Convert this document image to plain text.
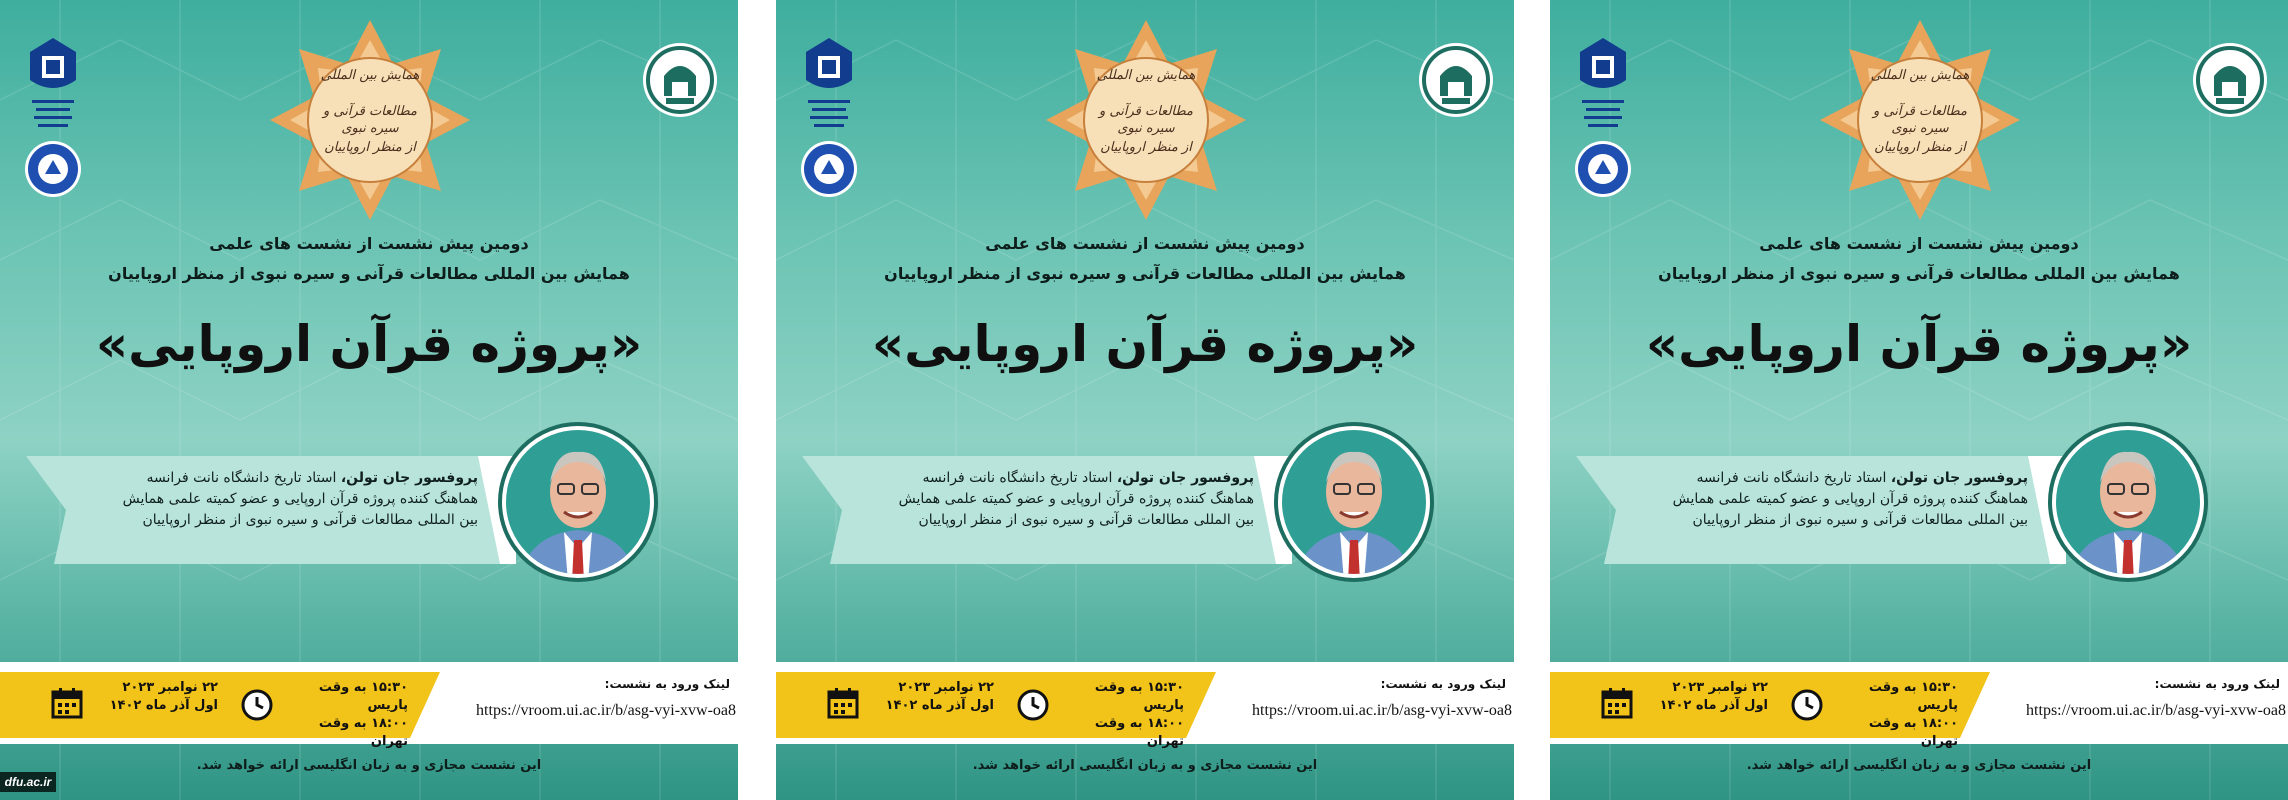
همایش بین المللی
مطالعات قرآنی و سیره نبوی
از منظر اروپاییان
دومین پیش نشست از نشست های علمی
همایش بین المللی مطالعات قرآنی و سیره نبوی از منظر اروپاییان
«پروژه قرآن اروپایی»
پروفسور جان تولن، استاد تاریخ دانشگاه نانت فرانسه
هماهنگ کننده پروژه قرآن اروپایی و عضو کمیته علمی همایش
بین المللی مطالعات قرآنی و سیره نبوی از منظر اروپاییان
لینک ورود به نشست:
https://vroom.ui.ac.ir/b/asg-vyi-xvw-oa8
۱۵:۳۰ به وقت پاریس
۱۸:۰۰ به وقت تهران
۲۲ نوامبر ۲۰۲۳
اول آذر ماه ۱۴۰۲
این نشست مجازی و به زبان انگلیسی ارائه خواهد شد.
همایش بین المللی
مطالعات قرآنی و سیره نبوی
از منظر اروپاییان
دومین پیش نشست از نشست های علمی
همایش بین المللی مطالعات قرآنی و سیره نبوی از منظر اروپاییان
«پروژه قرآن اروپایی»
پروفسور جان تولن، استاد تاریخ دانشگاه نانت فرانسه
هماهنگ کننده پروژه قرآن اروپایی و عضو کمیته علمی همایش
بین المللی مطالعات قرآنی و سیره نبوی از منظر اروپاییان
لینک ورود به نشست:
https://vroom.ui.ac.ir/b/asg-vyi-xvw-oa8
۱۵:۳۰ به وقت پاریس
۱۸:۰۰ به وقت تهران
۲۲ نوامبر ۲۰۲۳
اول آذر ماه ۱۴۰۲
این نشست مجازی و به زبان انگلیسی ارائه خواهد شد.
همایش بین المللی
مطالعات قرآنی و سیره نبوی
از منظر اروپاییان
دومین پیش نشست از نشست های علمی
همایش بین المللی مطالعات قرآنی و سیره نبوی از منظر اروپاییان
«پروژه قرآن اروپایی»
پروفسور جان تولن، استاد تاریخ دانشگاه نانت فرانسه
هماهنگ کننده پروژه قرآن اروپایی و عضو کمیته علمی همایش
بین المللی مطالعات قرآنی و سیره نبوی از منظر اروپاییان
لینک ورود به نشست:
https://vroom.ui.ac.ir/b/asg-vyi-xvw-oa8
۱۵:۳۰ به وقت پاریس
۱۸:۰۰ به وقت تهران
۲۲ نوامبر ۲۰۲۳
اول آذر ماه ۱۴۰۲
این نشست مجازی و به زبان انگلیسی ارائه خواهد شد.
dfu.ac.ir
